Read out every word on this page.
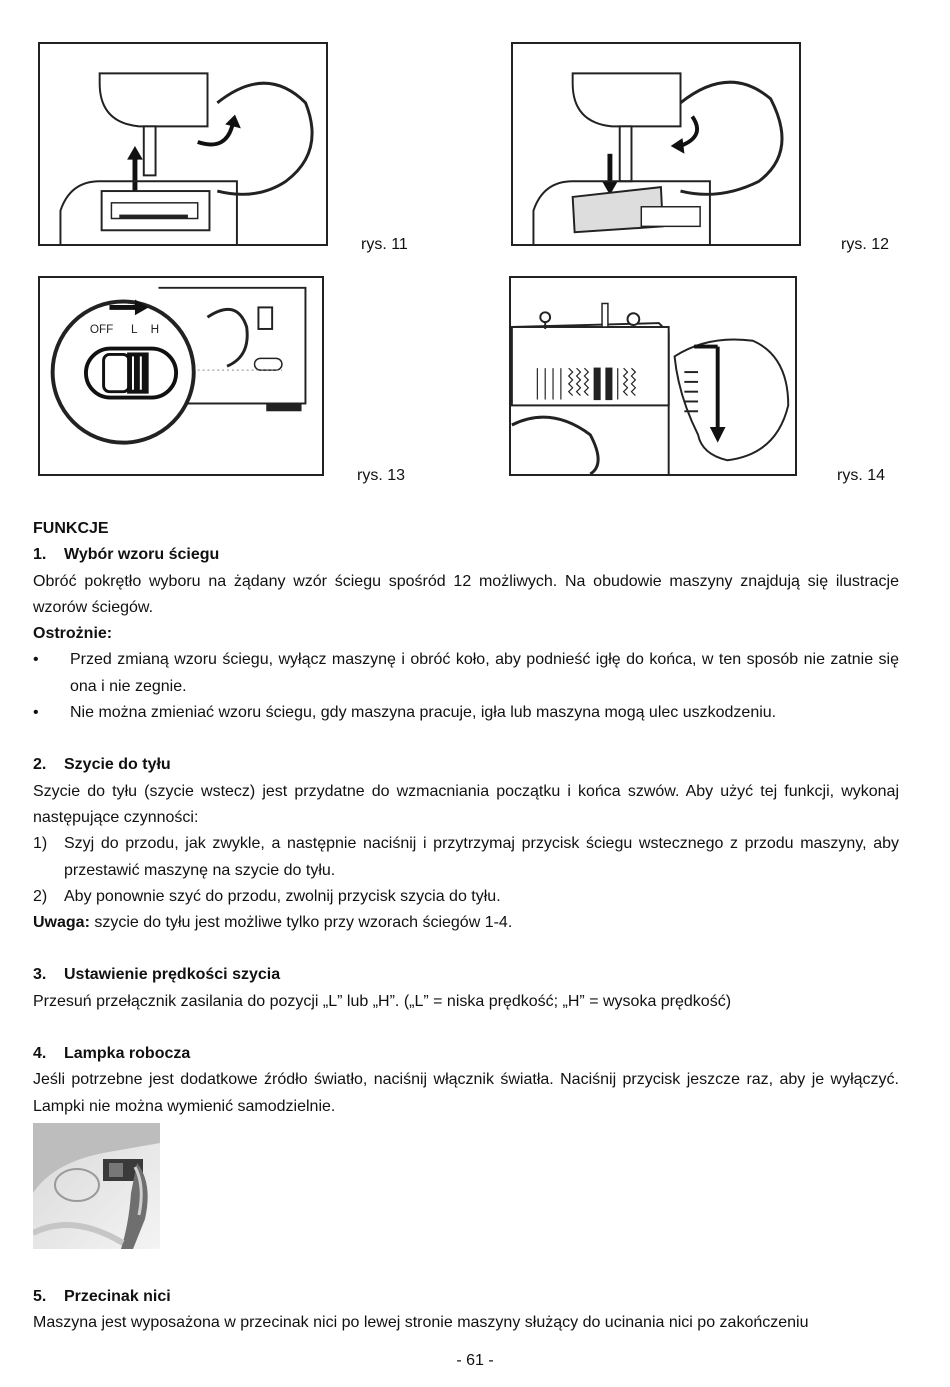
rys. 11	rys. 12
OFF L H
rys. 13	rys. 14

FUNKCJE

1.	Wybór wzoru ściegu

Obróć pokrętło wyboru na żądany wzór ściegu spośród 12 możliwych. Na obudowie maszyny znajdują się ilustracje wzorów ściegów.

Ostrożnie:

•	Przed zmianą wzoru ściegu, wyłącz maszynę i obróć koło, aby podnieść igłę do końca, w ten sposób nie zatnie się ona i nie zegnie.

•	Nie można zmieniać wzoru ściegu, gdy maszyna pracuje, igła lub maszyna mogą ulec uszkodzeniu.

2.	Szycie do tyłu

Szycie do tyłu (szycie wstecz) jest przydatne do wzmacniania początku i końca szwów. Aby użyć tej funkcji, wykonaj następujące czynności:

1)	Szyj do przodu, jak zwykle, a następnie naciśnij i przytrzymaj przycisk ściegu wstecznego z przodu maszyny, aby przestawić maszynę na szycie do tyłu.

2)	Aby ponownie szyć do przodu, zwolnij przycisk szycia do tyłu.

Uwaga: szycie do tyłu jest możliwe tylko przy wzorach ściegów 1-4.

3.	Ustawienie prędkości szycia

Przesuń przełącznik zasilania do pozycji „L” lub „H”. („L” = niska prędkość; „H” = wysoka prędkość)

4.	Lampka robocza

Jeśli potrzebne jest dodatkowe źródło światło, naciśnij włącznik światła. Naciśnij przycisk jeszcze raz, aby je wyłączyć. Lampki nie można wymienić samodzielnie.

5.	Przecinak nici

Maszyna jest wyposażona w przecinak nici po lewej stronie maszyny służący do ucinania nici po zakończeniu

- 61 -
